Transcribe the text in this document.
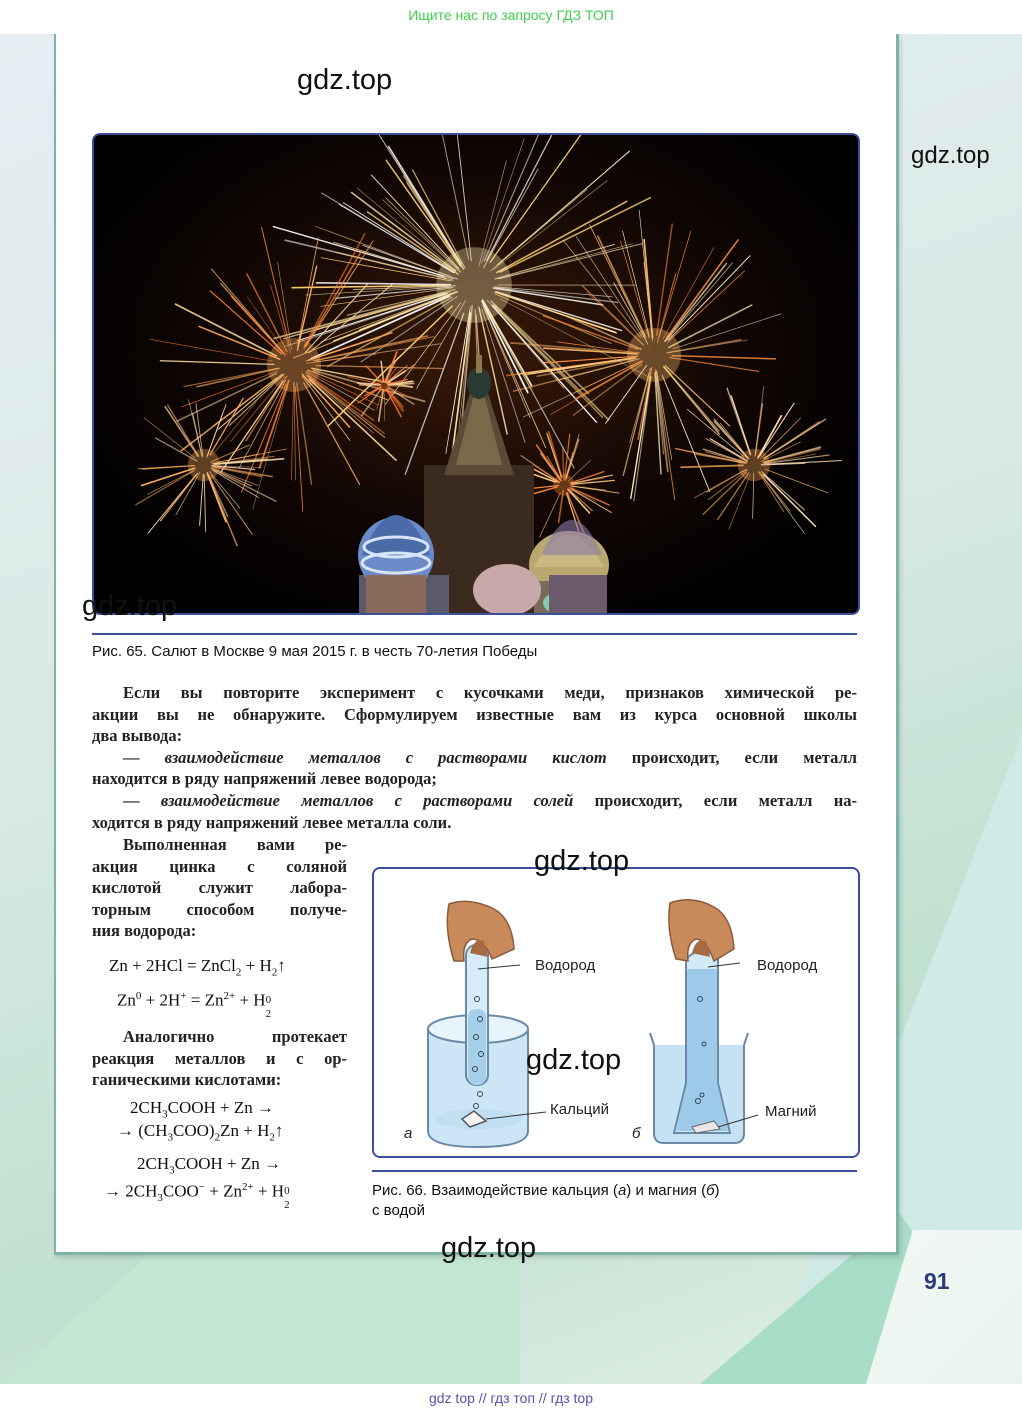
Ищите нас по запросу ГДЗ ТОП
gdz.top
gdz.top
gdz.top
Рис. 65. Салют в Москве 9 мая 2015 г. в честь 70-летия Победы
Если вы повторите эксперимент с кусочками меди, признаков химической ре-
акции вы не обнаружите. Сформулируем известные вам из курса основной школы
два вывода:
— взаимодействие металлов с растворами кислот происходит, если металл
находится в ряду напряжений левее водорода;
— взаимодействие металлов с растворами солей происходит, если металл на-
ходится в ряду напряжений левее металла соли.
Выполненная вами ре-
акция цинка с соляной
кислотой служит лабора-
торным способом получе-
ния водорода:
Zn + 2HCl = ZnCl$_2$ + $H_2↑$
$Zn^0 + 2H^+ = Zn^{2+} + H$ 0
2
Аналогично протекает
реакция металлов и с ор-
ганическими кислотами:
$2CH_3COOH + Zn$ →
→ $(CH_3COO)_2Zn$ + $H_2↑$
$2CH_3COOH + Zn$ →
→ $2CH_3COO^- + Zn^{2+} + H$ 0
2
Водород
Кальций
Водород
Магний
а	б
gdz.top
gdz.top
Рис. 66. Взаимодействие кальция (а) и магния (б)
с водой
gdz.top
91
gdz top // гдз топ // гдз top
